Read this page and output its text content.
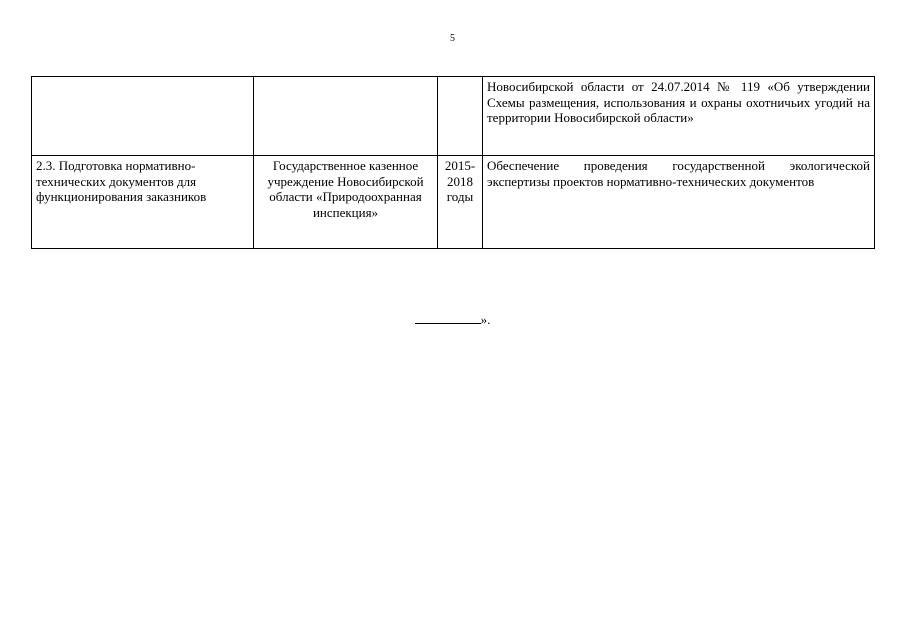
5
			Новосибирской области от 24.07.2014 № 119 «Об утверждении Схемы размещения, использования и охраны охотничьих угодий на территории Новосибирской области»
2.3. Подготовка нормативно-технических документов для функционирования заказников	Государственное казенное учреждение Новосибирской области «Природоохранная инспекция»	2015-2018 годы	Обеспечение проведения государственной экологической экспертизы проектов нормативно-технических документов
».
